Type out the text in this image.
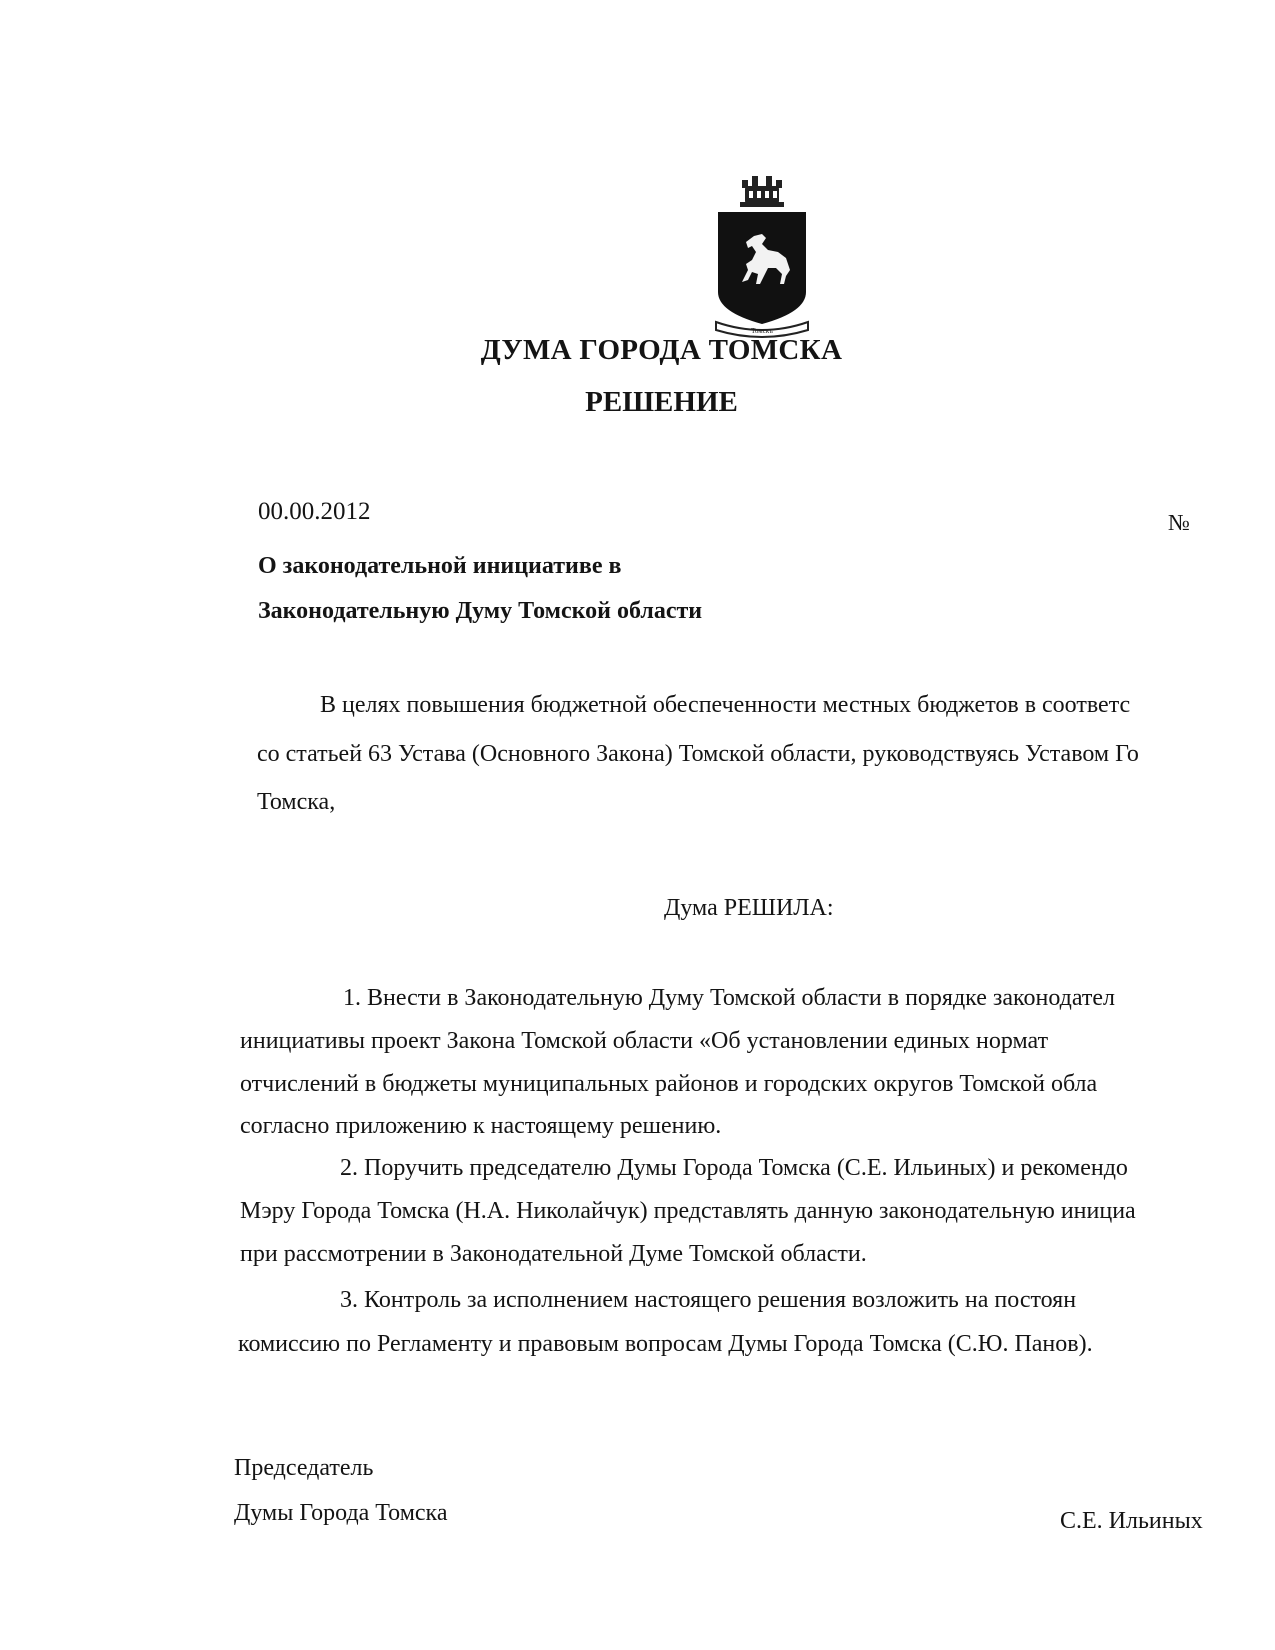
Томскъ
ДУМА ГОРОДА ТОМСКА
РЕШЕНИЕ
00.00.2012	№
О законодательной инициативе в
Законодательную Думу Томской области
В целях повышения бюджетной обеспеченности местных бюджетов в соответс
со статьей 63 Устава (Основного Закона) Томской области, руководствуясь Уставом Го
Томска,
Дума РЕШИЛА:
1. Внести в Законодательную Думу Томской области в порядке законодател
инициативы проект Закона Томской области «Об установлении единых нормат
отчислений в бюджеты муниципальных районов и городских округов Томской обла
согласно приложению к настоящему решению.
2. Поручить председателю Думы Города Томска (С.Е. Ильиных) и рекомендо
Мэру Города Томска (Н.А. Николайчук) представлять данную законодательную инициа
при рассмотрении в Законодательной Думе Томской области.
3. Контроль за исполнением настоящего решения возложить на постоян
комиссию по Регламенту и правовым вопросам Думы Города Томска (С.Ю. Панов).
Председатель
Думы Города Томска	С.Е. Ильиных
